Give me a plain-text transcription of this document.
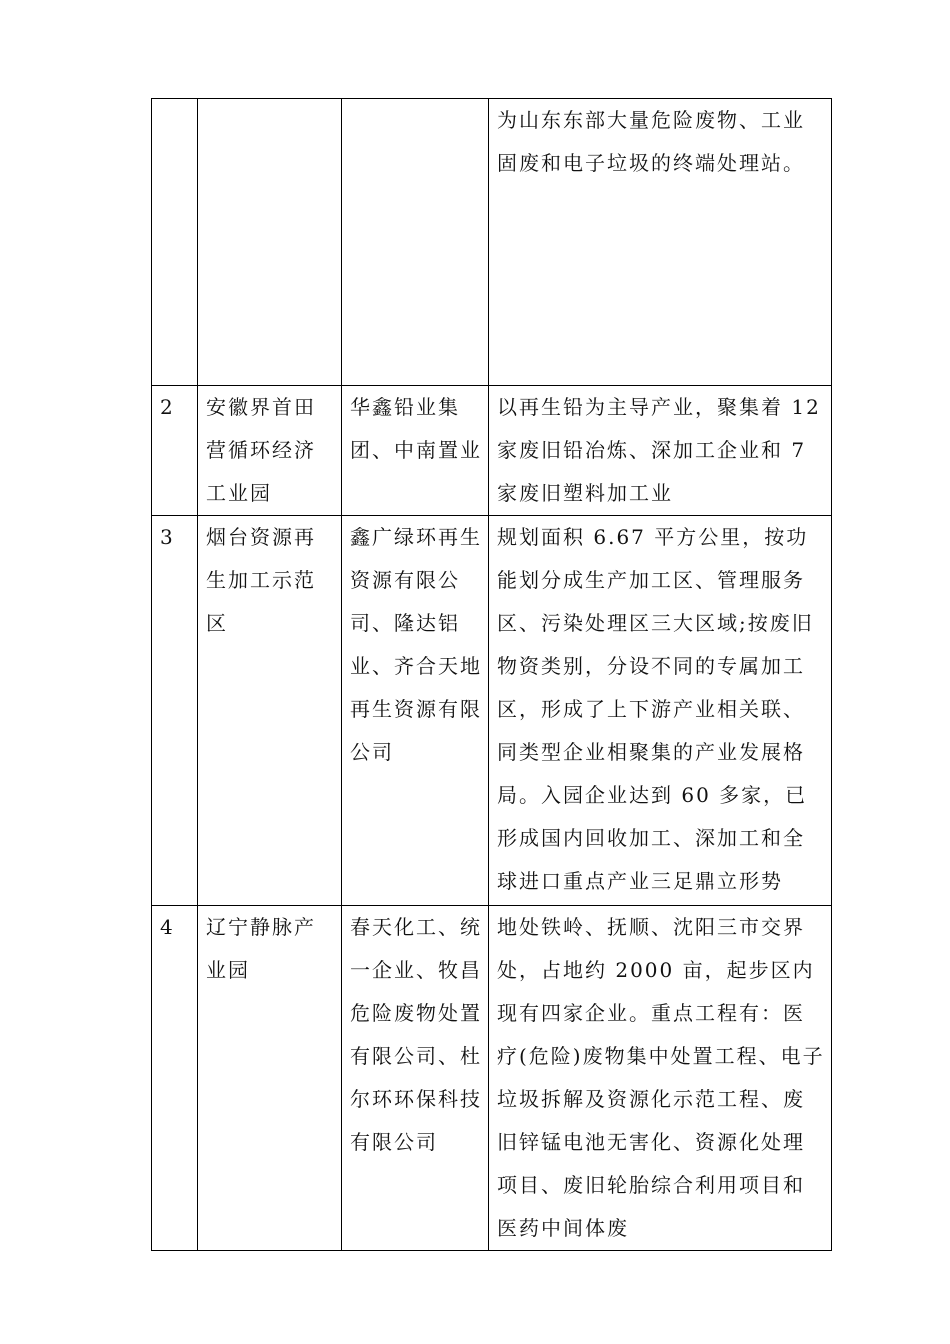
			为山东东部大量危险废物、工业固废和电子垃圾的终端处理站。
2	安徽界首田营循环经济工业园	华鑫铅业集团、中南置业	以再生铅为主导产业，聚集着 12 家废旧铅冶炼、深加工企业和 7 家废旧塑料加工业
3	烟台资源再生加工示范区	鑫广绿环再生资源有限公司、隆达铝业、齐合天地再生资源有限公司	规划面积 6.67 平方公里，按功能划分成生产加工区、管理服务区、污染处理区三大区域;按废旧物资类别，分设不同的专属加工区，形成了上下游产业相关联、同类型企业相聚集的产业发展格局。入园企业达到 60 多家，已形成国内回收加工、深加工和全球进口重点产业三足鼎立形势
4	辽宁静脉产业园	春天化工、统一企业、牧昌危险废物处置有限公司、杜尔环环保科技有限公司	地处铁岭、抚顺、沈阳三市交界处，占地约 2000 亩，起步区内现有四家企业。重点工程有：医疗(危险)废物集中处置工程、电子垃圾拆解及资源化示范工程、废旧锌锰电池无害化、资源化处理项目、废旧轮胎综合利用项目和医药中间体废
